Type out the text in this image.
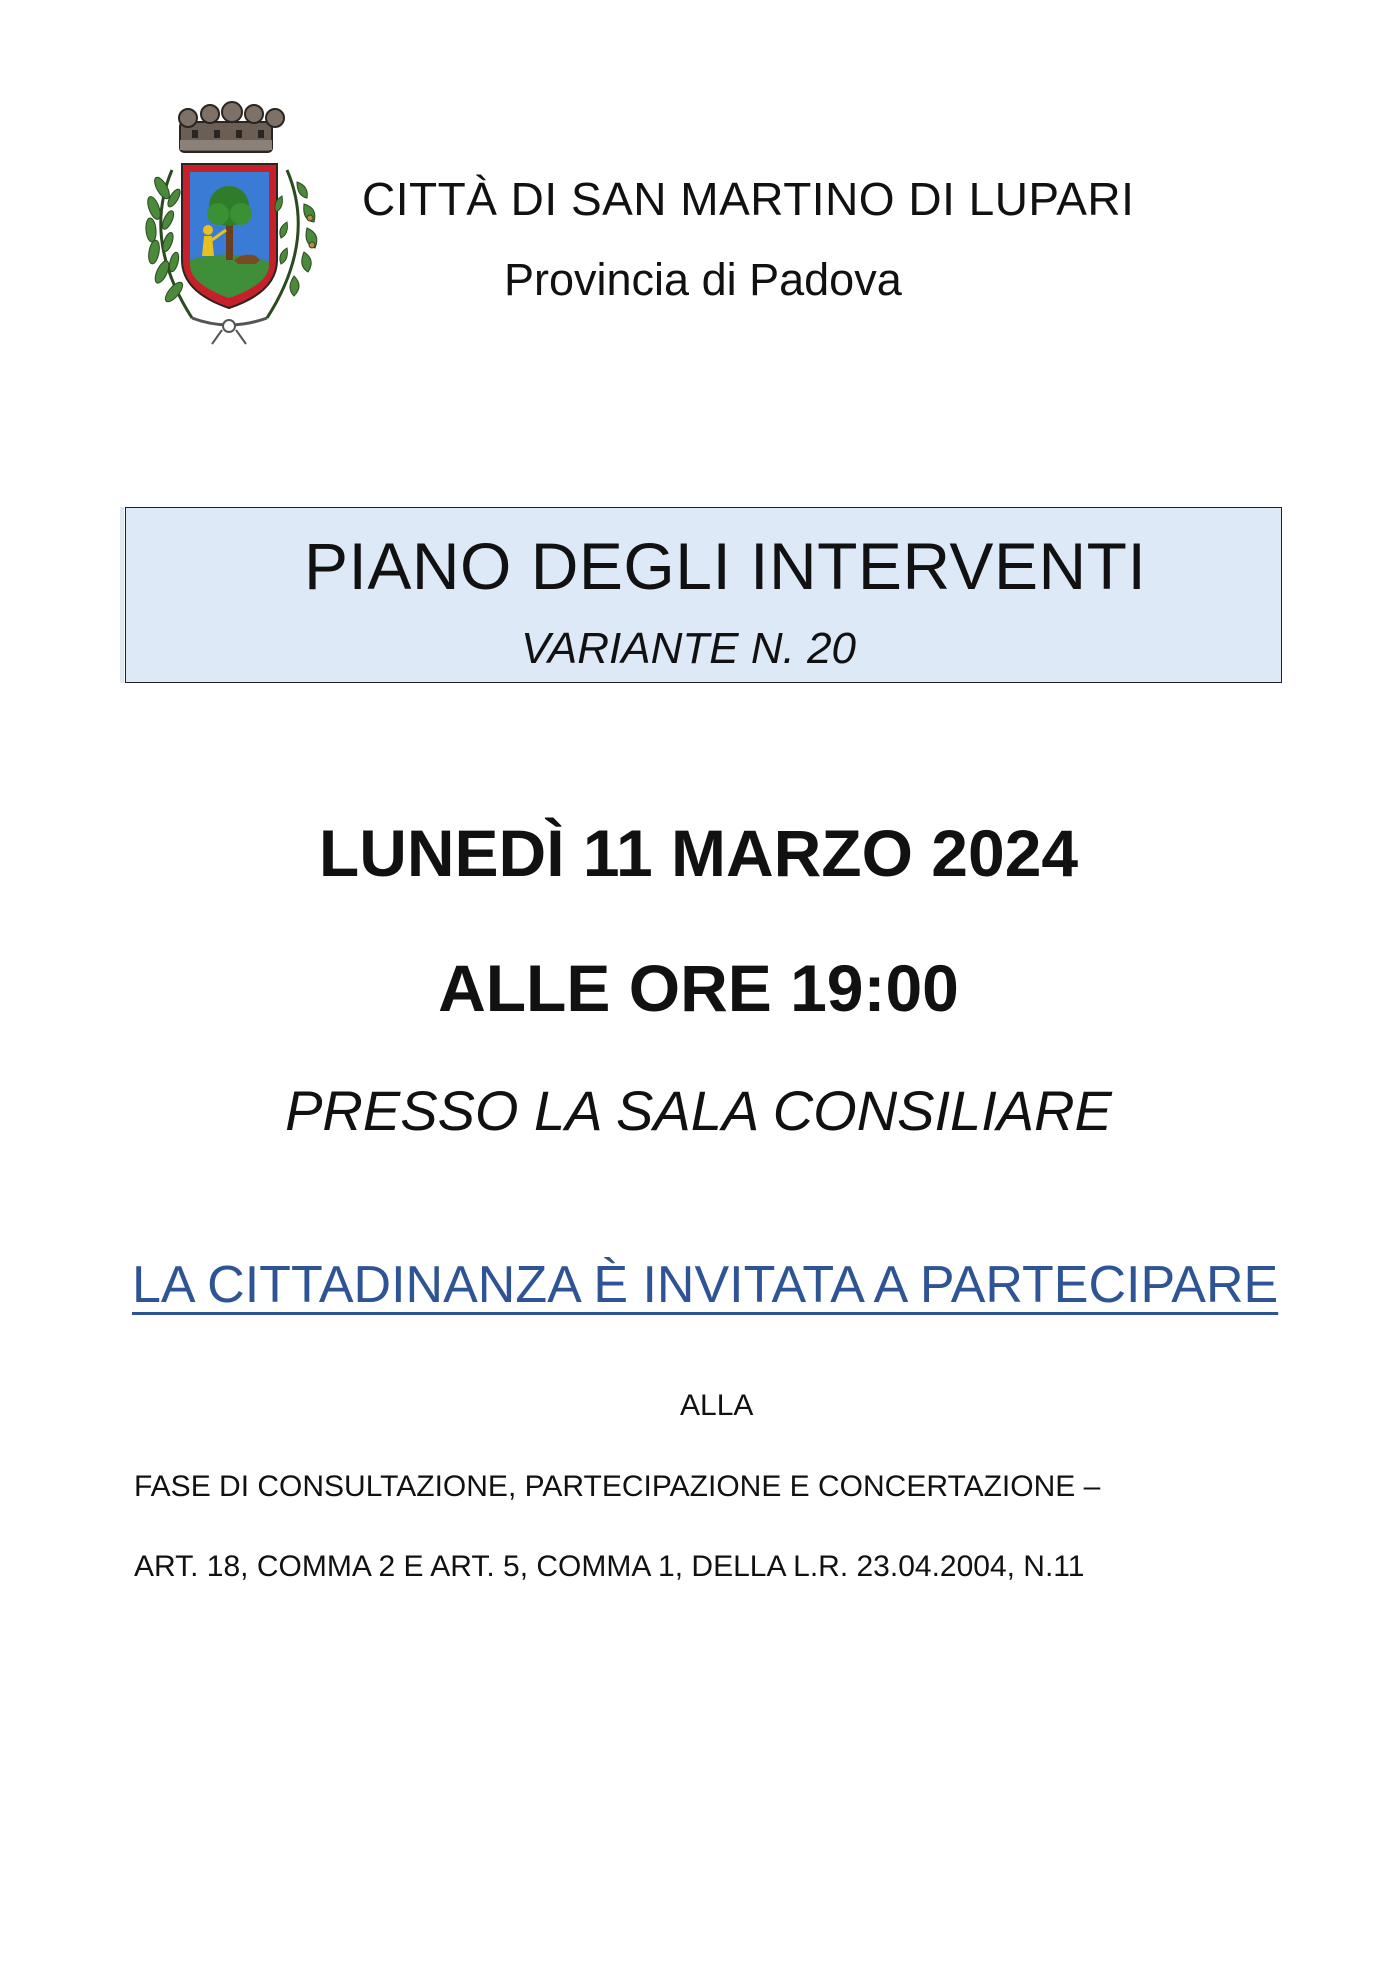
CITTÀ DI SAN MARTINO DI LUPARI
Provincia di Padova
PIANO DEGLI INTERVENTI
VARIANTE N. 20
LUNEDÌ 11 MARZO 2024
ALLE ORE 19:00
PRESSO LA SALA CONSILIARE
LA CITTADINANZA È INVITATA A PARTECIPARE
ALLA
FASE DI CONSULTAZIONE, PARTECIPAZIONE E CONCERTAZIONE –
ART. 18, COMMA 2 E ART. 5, COMMA 1, DELLA L.R. 23.04.2004, N.11
